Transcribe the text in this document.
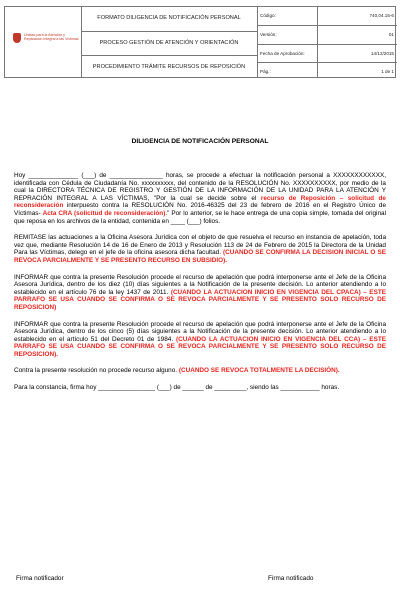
Unidad para la Atención y Reparación Integral a las Víctimas
FORMATO DILIGENCIA DE NOTIFICACIÓN PERSONAL
PROCESO GESTIÓN DE ATENCIÓN Y ORIENTACIÓN
PROCEDIMIENTO TRÁMITE RECURSOS DE REPOSICIÓN
Código:	740,04.15-6
Versión:	01
Fecha de Aprobación:	14/12/2015
Pág.:	1 de 1
DILIGENCIA DE NOTIFICACIÓN PERSONAL

Hoy ______________ (___) de _______________ horas, se procede a efectuar la notificación personal a XXXXXXXXXXXX, identificada con Cédula de Ciudadanía No. xxxxxxxxxx, del contenido de la RESOLUCIÓN No. XXXXXXXXXX, por medio de la cual la DIRECTORA TÉCNICA DE REGISTRO Y GESTIÓN DE LA INFORMACIÓN DE LA UNIDAD PARA LA ATENCIÓN Y REPRACIÓN INTEGRAL A LAS VÍCTIMAS, "Por la cual se decide sobre el recurso de Reposición – solicitud de reconsideración interpuesto contra la RESOLUCIÓN No. 2016-46325 del 23 de febrero de 2016 en el Registro Único de Víctimas- Acta CRA (solicitud de reconsideración)." Por lo anterior, se le hace entrega de una copia simple, tomada del original que reposa en los archivos de la entidad, contenida en ____ (___) folios.

REMITASE las actuaciones a la Oficina Asesora Jurídica con el objeto de que resuelva el recurso en instancia de apelación, toda vez que, mediante Resolución 14 de 16 de Enero de 2013 y Resolución 113 de 24 de Febrero de 2015 la Directora de la Unidad Para las Víctimas, delego en el jefe de la oficina asesora dicha facultad. (CUANDO SE CONFIRMA LA DECISION INICIAL O SE REVOCA PARCIALMENTE Y SE PRESENTO RECURSO EN SUBSIDIO).

INFORMAR que contra la presente Resolución procede el recurso de apelación que podrá interponerse ante el Jefe de la Oficina Asesora Jurídica, dentro de los diez (10) días siguientes a la Notificación de la presente decisión. Lo anterior atendiendo a lo establecido en el artículo 76 de la ley 1437 de 2011. (CUANDO LA ACTUACION INICIO EN VIGENCIA DEL CPACA) – ESTE PARRAFO SE USA CUANDO SE CONFIRMA O SE REVOCA PARCIALMENTE Y SE PRESENTO SOLO RECURSO DE REPOSICION)

INFORMAR que contra la presente Resolución procede el recurso de apelación que podrá interponerse ante el Jefe de la Oficina Asesora Jurídica, dentro de los cinco (5) días siguientes a la Notificación de la presente decisión. Lo anterior atendiendo a lo establecido en el artículo 51 del Decreto 01 de 1984. (CUANDO LA ACTUACION INICIO EN VIGENCIA DEL CCA) – ESTE PARRAFO SE USA CUANDO SE CONFIRMA O SE REVOCA PARCIALMENTE Y SE PRESENTO SOLO RECURSO DE REPOSICION).

Contra la presente resolución no procede recurso alguno. (CUANDO SE REVOCA TOTALMENTE LA DECISIÓN).

Para la constancia, firma hoy ________________ (___) de ______ de _________, siendo las ___________ horas.

Firma notificador	Firma notificado
